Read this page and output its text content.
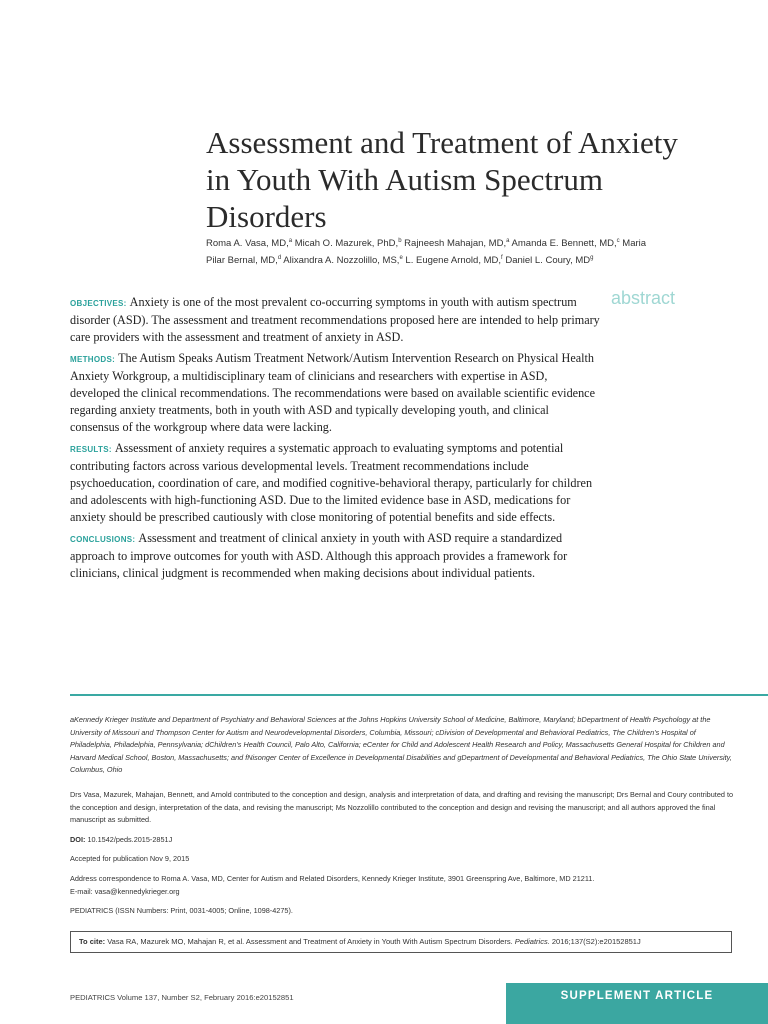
Assessment and Treatment of Anxiety in Youth With Autism Spectrum Disorders
Roma A. Vasa, MD,$^a$ Micah O. Mazurek, PhD,$^b$ Rajneesh Mahajan, MD,$^a$ Amanda E. Bennett, MD,$^c$ Maria Pilar Bernal, MD,$^d$ Alixandra A. Nozzolillo, MS,$^e$ L. Eugene Arnold, MD,$^f$ Daniel L. Coury, $MD^g$
abstract

OBJECTIVES: Anxiety is one of the most prevalent co-occurring symptoms in youth with autism spectrum disorder (ASD). The assessment and treatment recommendations proposed here are intended to help primary care providers with the assessment and treatment of anxiety in ASD.

METHODS: The Autism Speaks Autism Treatment Network/Autism Intervention Research on Physical Health Anxiety Workgroup, a multidisciplinary team of clinicians and researchers with expertise in ASD, developed the clinical recommendations. The recommendations were based on available scientific evidence regarding anxiety treatments, both in youth with ASD and typically developing youth, and clinical consensus of the workgroup where data were lacking.

RESULTS: Assessment of anxiety requires a systematic approach to evaluating symptoms and potential contributing factors across various developmental levels. Treatment recommendations include psychoeducation, coordination of care, and modified cognitive-behavioral therapy, particularly for children and adolescents with high-functioning ASD. Due to the limited evidence base in ASD, medications for anxiety should be prescribed cautiously with close monitoring of potential benefits and side effects.

CONCLUSIONS: Assessment and treatment of clinical anxiety in youth with ASD require a standardized approach to improve outcomes for youth with ASD. Although this approach provides a framework for clinicians, clinical judgment is recommended when making decisions about individual patients.

aKennedy Krieger Institute and Department of Psychiatry and Behavioral Sciences at the Johns Hopkins University School of Medicine, Baltimore, Maryland; bDepartment of Health Psychology at the University of Missouri and Thompson Center for Autism and Neurodevelopmental Disorders, Columbia, Missouri; cDivision of Developmental and Behavioral Pediatrics, The Children’s Hospital of Philadelphia, Philadelphia, Pennsylvania; dChildren’s Health Council, Palo Alto, California; eCenter for Child and Adolescent Health Research and Policy, Massachusetts General Hospital for Children and Harvard Medical School, Boston, Massachusetts; and fNisonger Center of Excellence in Developmental Disabilities and gDepartment of Developmental and Behavioral Pediatrics, The Ohio State University, Columbus, Ohio

Drs Vasa, Mazurek, Mahajan, Bennett, and Arnold contributed to the conception and design, analysis and interpretation of data, and drafting and revising the manuscript; Drs Bernal and Coury contributed to the conception and design, interpretation of the data, and revising the manuscript; Ms Nozzolillo contributed to the conception and design and revising the manuscript; and all authors approved the final manuscript as submitted.

DOI: 10.1542/peds.2015-2851J

Accepted for publication Nov 9, 2015

Address correspondence to Roma A. Vasa, MD, Center for Autism and Related Disorders, Kennedy Krieger Institute, 3901 Greenspring Ave, Baltimore, MD 21211.
E-mail: vasa@kennedykrieger.org

PEDIATRICS (ISSN Numbers: Print, 0031-4005; Online, 1098-4275).

To cite: Vasa RA, Mazurek MO, Mahajan R, et al. Assessment and Treatment of Anxiety in Youth With Autism Spectrum Disorders. Pediatrics. 2016;137(S2):e20152851J
PEDIATRICS Volume 137, Number S2, February 2016:e20152851	SUPPLEMENT ARTICLE
